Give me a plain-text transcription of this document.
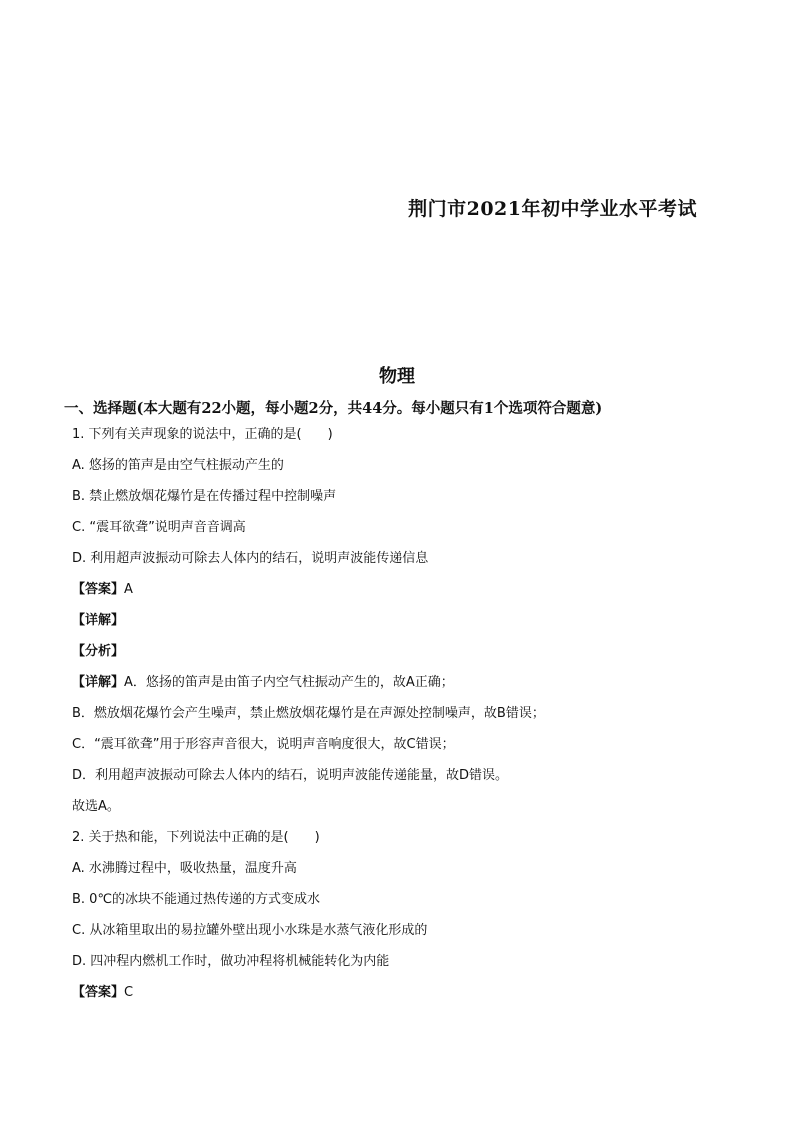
荆门市2021年初中学业水平考试
物理
一、选择题(本大题有22小题，每小题2分，共44分。每小题只有1个选项符合题意)
1. 下列有关声现象的说法中，正确的是(　　)
A. 悠扬的笛声是由空气柱振动产生的
B. 禁止燃放烟花爆竹是在传播过程中控制噪声
C. “震耳欲聋”说明声音音调高
D. 利用超声波振动可除去人体内的结石，说明声波能传递信息
【答案】A
【详解】
【分析】
【详解】A．悠扬的笛声是由笛子内空气柱振动产生的，故A正确；
B．燃放烟花爆竹会产生噪声，禁止燃放烟花爆竹是在声源处控制噪声，故B错误；
C．“震耳欲聋”用于形容声音很大，说明声音响度很大，故C错误；
D．利用超声波振动可除去人体内的结石，说明声波能传递能量，故D错误。
故选A。
2. 关于热和能，下列说法中正确的是(　　)
A. 水沸腾过程中，吸收热量，温度升高
B. 0℃的冰块不能通过热传递的方式变成水
C. 从冰箱里取出的易拉罐外壁出现小水珠是水蒸气液化形成的
D. 四冲程内燃机工作时，做功冲程将机械能转化为内能
【答案】C
